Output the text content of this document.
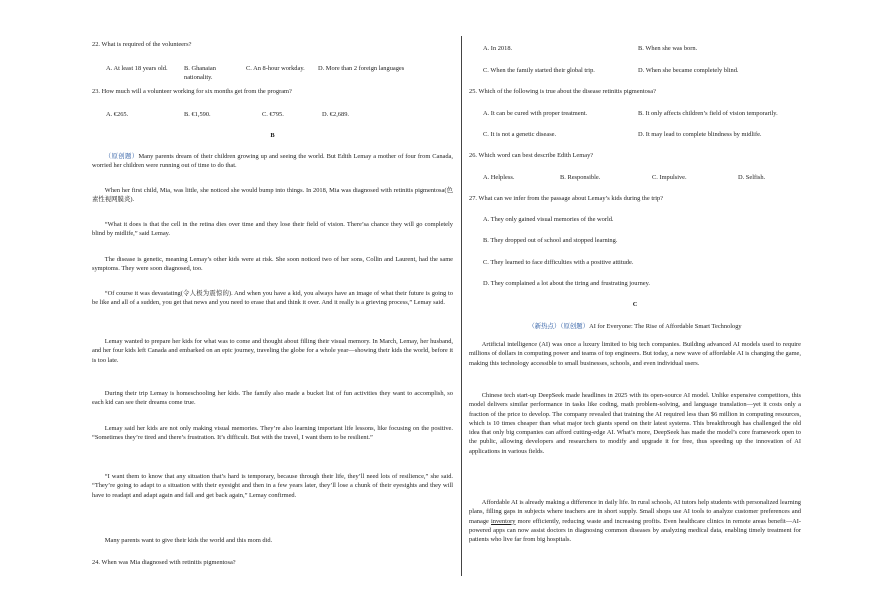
22. What is required of the volunteers?
A. At least 18 years old.	B. Ghanaian nationality.
C. An 8-hour workday.	D. More than 2 foreign languages
23. How much will a volunteer working for six months get from the program?
A. €265.	B. €1,590.	C. €795.	D. €2,689.
B
（原创题）Many parents dream of their children growing up and seeing the world. But Edith Lemay a mother of four from Canada, worried her children were running out of time to do that.
When her first child, Mia, was little, she noticed she would bump into things. In 2018, Mia was diagnosed with retinitis pigmentosa(色素性视网膜炎).
“What it does is that the cell in the retina dies over time and they lose their field of vision. There’sa chance they will go completely blind by midlife,” said Lemay.
The disease is genetic, meaning Lemay’s other kids were at risk. She soon noticed two of her sons, Collin and Laurent, had the same symptoms. They were soon diagnosed, too.
“Of course it was devastating(令人极为震惊的). And when you have a kid, you always have an image of what their future is going to be like and all of a sudden, you get that news and you need to erase that and think it over. And it really is a grieving process,” Lemay said.
Lemay wanted to prepare her kids for what was to come and thought about filling their visual memory. In March, Lemay, her husband, and her four kids left Canada and embarked on an epic journey, traveling the globe for a whole year—showing their kids the world, before it is too late.
During their trip Lemay is homeschooling her kids. The family also made a bucket list of fun activities they want to accomplish, so each kid can see their dreams come true.
Lemay said her kids are not only making visual memories. They’re also learning important life lessons, like focusing on the positive. “Sometimes they’re tired and there’s frustration. It’s difficult. But with the travel, I want them to be resilient.”
“I want them to know that any situation that’s hard is temporary, because through their life, they’ll need lots of resilience,” she said. “They’re going to adapt to a situation with their eyesight and then in a few years later, they’ll lose a chunk of their eyesights and they will have to readapt and adapt again and fall and get back again,” Lemay confirmed.
Many parents want to give their kids the world and this mom did.
24. When was Mia diagnosed with retinitis pigmentosa?
A. In 2018.	B. When she was born.
C. When the family started their global trip.	D. When she became completely blind.
25. Which of the following is true about the disease retinitis pigmentosa?
A. It can be cured with proper treatment.	B. It only affects children’s field of vision temporarily.
C. It is not a genetic disease.	D. It may lead to complete blindness by midlife.
26. Which word can best describe Edith Lemay?
A. Helpless.	B. Responsible.	C. Impulsive.	D. Selfish.
27. What can we infer from the passage about Lemay’s kids during the trip?
A. They only gained visual memories of the world.
B. They dropped out of school and stopped learning.
C. They learned to face difficulties with a positive attitude.
D. They complained a lot about the tiring and frustrating journey.
C
（新热点）（原创题）AI for Everyone: The Rise of Affordable Smart Technology
Artificial intelligence (AI) was once a luxury limited to big tech companies. Building advanced AI models used to require millions of dollars in computing power and teams of top engineers. But today, a new wave of affordable AI is changing the game, making this technology accessible to small businesses, schools, and even individual users.
Chinese tech start-up DeepSeek made headlines in 2025 with its open-source AI model. Unlike expensive competitors, this model delivers similar performance in tasks like coding, math problem-solving, and language translation—yet it costs only a fraction of the price to develop. The company revealed that training the AI required less than $6 million in computing resources, which is 10 times cheaper than what major tech giants spend on their latest systems. This breakthrough has challenged the old idea that only big companies can afford cutting-edge AI. What’s more, DeepSeek has made the model’s core framework open to the public, allowing developers and researchers to modify and upgrade it for free, thus speeding up the innovation of AI applications in various fields.
Affordable AI is already making a difference in daily life. In rural schools, AI tutors help students with personalized learning plans, filling gaps in subjects where teachers are in short supply. Small shops use AI tools to analyze customer preferences and manage inventory more efficiently, reducing waste and increasing profits. Even healthcare clinics in remote areas benefit—AI-powered apps can now assist doctors in diagnosing common diseases by analyzing medical data, enabling timely treatment for patients who live far from big hospitals.
